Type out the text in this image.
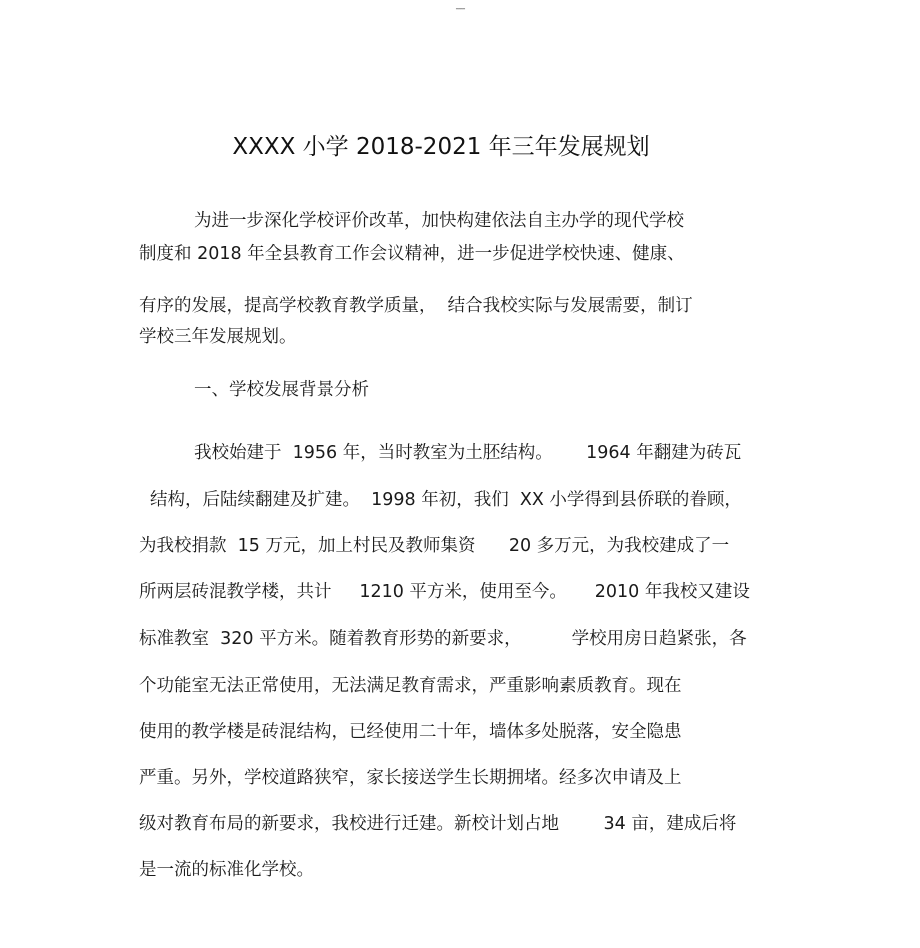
----
XXXX 小学 2018-2021 年三年发展规划
为进一步深化学校评价改革，加快构建依法自主办学的现代学校
制度和 2018 年全县教育工作会议精神，进一步促进学校快速、健康、
有序的发展，提高学校教育教学质量，  结合我校实际与发展需要，制订
学校三年发展规划。
一、学校发展背景分析
我校始建于  1956 年，当时教室为土胚结构。      1964 年翻建为砖瓦
结构，后陆续翻建及扩建。  1998 年初，我们  XX 小学得到县侨联的眷顾，
为我校捐款  15 万元，加上村民及教师集资      20 多万元，为我校建成了一
所两层砖混教学楼，共计     1210 平方米，使用至今。     2010 年我校又建设
标准教室  320 平方米。随着教育形势的新要求，         学校用房日趋紧张，各
个功能室无法正常使用，无法满足教育需求，严重影响素质教育。现在
使用的教学楼是砖混结构，已经使用二十年，墙体多处脱落，安全隐患
严重。另外，学校道路狭窄，家长接送学生长期拥堵。经多次申请及上
级对教育布局的新要求，我校进行迁建。新校计划占地        34 亩，建成后将
是一流的标准化学校。
